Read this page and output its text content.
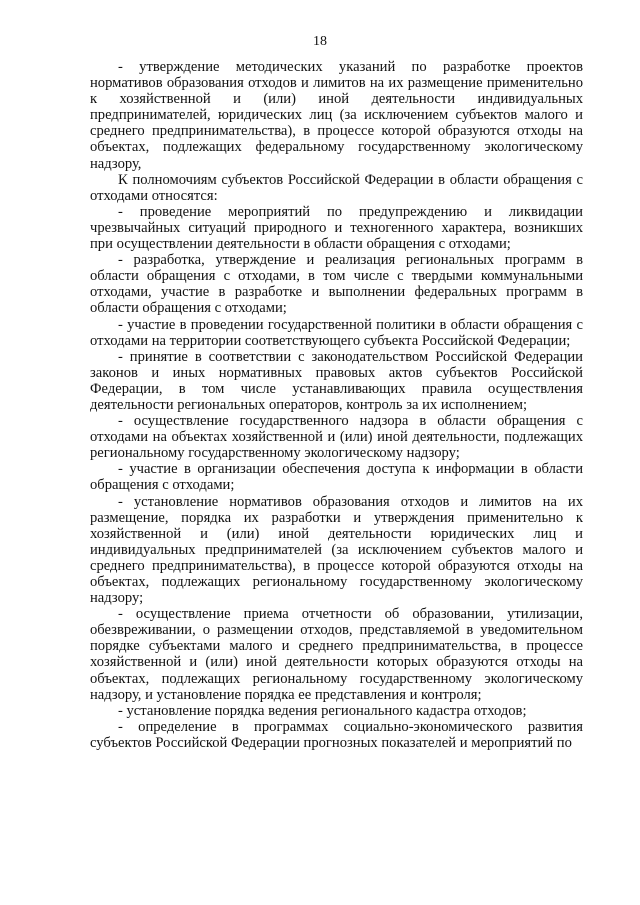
18

- утверждение методических указаний по разработке проектов нормативов образования отходов и лимитов на их размещение применительно к хозяйственной и (или) иной деятельности индивидуальных предпринимателей, юридических лиц (за исключением субъектов малого и среднего предпринимательства), в процессе которой образуются отходы на объектах, подлежащих федеральному государственному экологическому надзору,

К полномочиям субъектов Российской Федерации в области обращения с отходами относятся:

- проведение мероприятий по предупреждению и ликвидации чрезвычайных ситуаций природного и техногенного характера, возникших при осуществлении деятельности в области обращения с отходами;

- разработка, утверждение и реализация региональных программ в области обращения с отходами, в том числе с твердыми коммунальными отходами, участие в разработке и выполнении федеральных программ в области обращения с отходами;

- участие в проведении государственной политики в области обращения с отходами на территории соответствующего субъекта Российской Федерации;

- принятие в соответствии с законодательством Российской Федерации законов и иных нормативных правовых актов субъектов Российской Федерации, в том числе устанавливающих правила осуществления деятельности региональных операторов, контроль за их исполнением;

- осуществление государственного надзора в области обращения с отходами на объектах хозяйственной и (или) иной деятельности, подлежащих региональному государственному экологическому надзору;

- участие в организации обеспечения доступа к информации в области обращения с отходами;

- установление нормативов образования отходов и лимитов на их размещение, порядка их разработки и утверждения применительно к хозяйственной и (или) иной деятельности юридических лиц и индивидуальных предпринимателей (за исключением субъектов малого и среднего предпринимательства), в процессе которой образуются отходы на объектах, подлежащих региональному государственному экологическому надзору;

- осуществление приема отчетности об образовании, утилизации, обезвреживании, о размещении отходов, представляемой в уведомительном порядке субъектами малого и среднего предпринимательства, в процессе хозяйственной и (или) иной деятельности которых образуются отходы на объектах, подлежащих региональному государственному экологическому надзору, и установление порядка ее представления и контроля;

- установление порядка ведения регионального кадастра отходов;

- определение в программах социально-экономического развития субъектов Российской Федерации прогнозных показателей и мероприятий по
